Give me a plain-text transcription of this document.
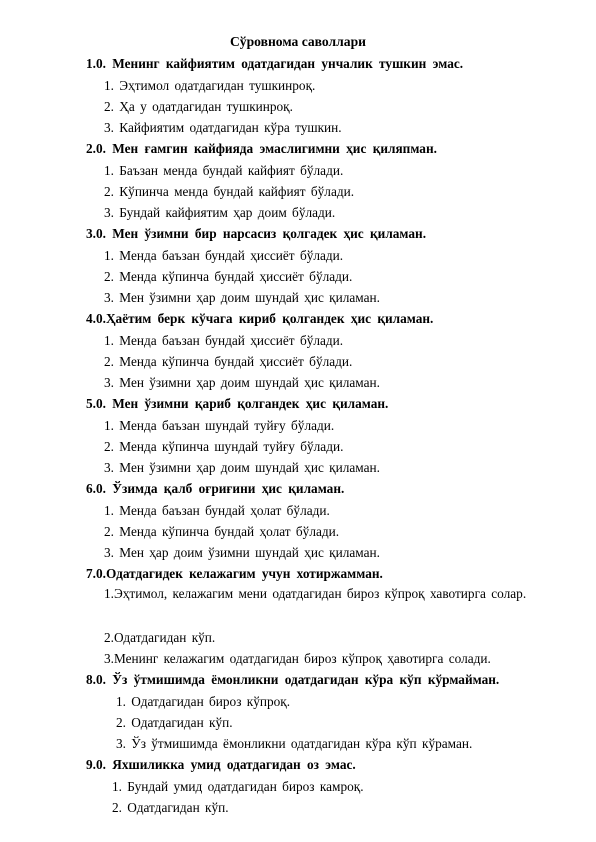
Сўровнома саволлари
1.0. Менинг кайфиятим одатдагидан унчалик тушкин эмас.
1. Эҳтимол одатдагидан тушкинроқ.
2. Ҳа у одатдагидан тушкинроқ.
3. Кайфиятим одатдагидан кўра тушкин.
2.0. Мен ғамгин кайфияда эмаслигимни ҳис қиляпман.
1. Баъзан менда бундай кайфият бўлади.
2. Кўпинча менда бундай кайфият бўлади.
3. Бундай кайфиятим ҳар доим бўлади.
3.0. Мен ўзимни бир нарсасиз қолгадек ҳис қиламан.
1. Менда баъзан бундай ҳиссиёт бўлади.
2. Менда кўпинча бундай ҳиссиёт бўлади.
3. Мен ўзимни ҳар доим шундай ҳис қиламан.
4.0.Ҳаётим берк кўчага кириб қолгандек ҳис қиламан.
1. Менда баъзан бундай ҳиссиёт бўлади.
2. Менда кўпинча бундай ҳиссиёт бўлади.
3. Мен ўзимни ҳар доим шундай ҳис қиламан.
5.0. Мен ўзимни қариб қолгандек ҳис қиламан.
1. Менда баъзан шундай туйғу бўлади.
2. Менда кўпинча шундай туйғу бўлади.
3. Мен ўзимни ҳар доим шундай ҳис қиламан.
6.0. Ўзимда қалб оғриғини ҳис қиламан.
1. Менда баъзан бундай ҳолат бўлади.
2. Менда кўпинча бундай ҳолат бўлади.
3. Мен ҳар доим ўзимни шундай ҳис қиламан.
7.0.Одатдагидек келажагим учун хотиржамман.
1.Эҳтимол, келажагим мени одатдагидан бироз кўпроқ хавотирга солар.
2.Одатдагидан кўп.
3.Менинг келажагим одатдагидан бироз кўпроқ ҳавотирга солади.
8.0. Ўз ўтмишимда ёмонликни одатдагидан кўра кўп кўрмайман.
1. Одатдагидан бироз кўпроқ.
2. Одатдагидан кўп.
3. Ўз ўтмишимда ёмонликни одатдагидан кўра кўп кўраман.
9.0. Яхшиликка умид одатдагидан оз эмас.
1. Бундай умид одатдагидан бироз камроқ.
2. Одатдагидан кўп.
